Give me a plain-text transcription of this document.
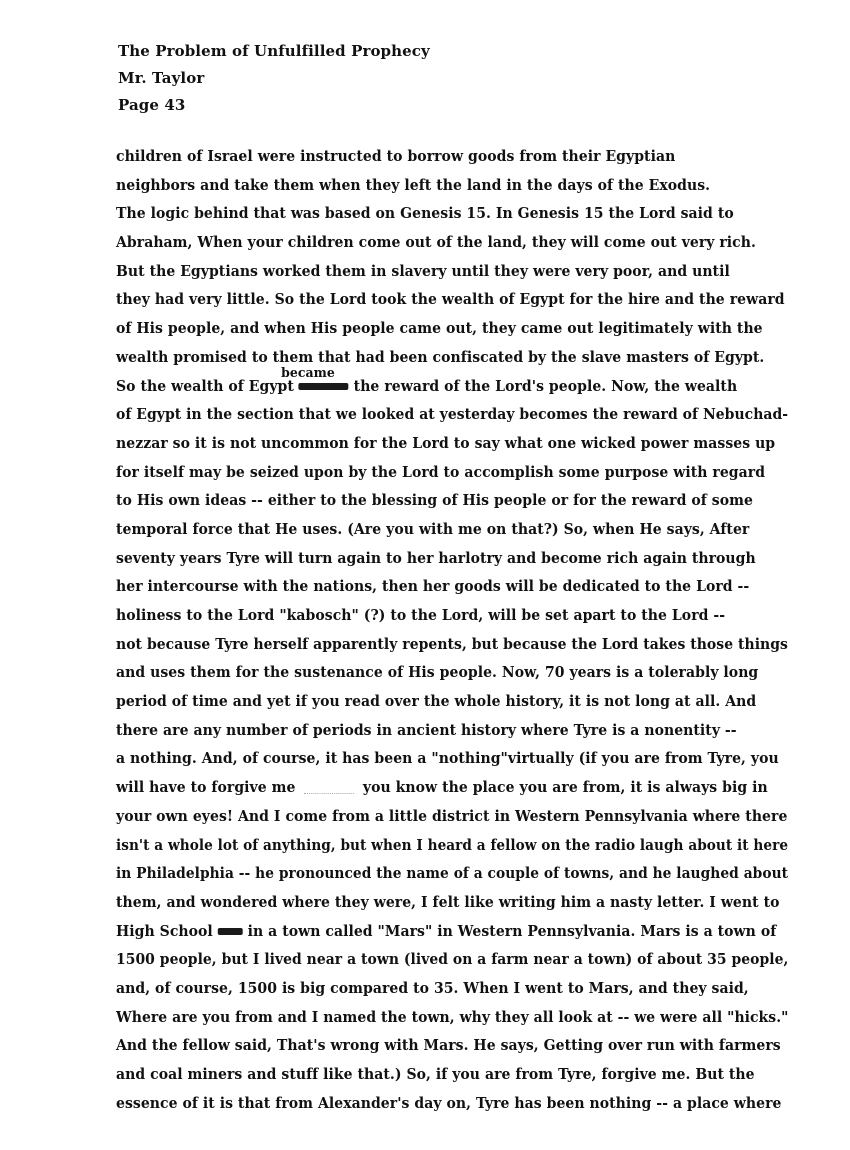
The Problem of Unfulfilled Prophecy
Mr. Taylor
Page 43
children of Israel were instructed to borrow goods from their Egyptian
neighbors and take them when they left the land in the days of the Exodus.
The logic behind that was based on Genesis 15. In Genesis 15 the Lord said to
Abraham, When your children come out of the land, they will come out very rich.
But the Egyptians worked them in slavery until they were very poor, and until
they had very little. So the Lord took the wealth of Egypt for the hire and the reward
of His people, and when His people came out, they came out legitimately with the
wealth promised to them that had been confiscated by the slave masters of Egypt.
So the wealth of Egypt
became
the reward of the Lord's people. Now, the wealth
of Egypt in the section that we looked at yesterday becomes the reward of Nebuchad-
nezzar so it is not uncommon for the Lord to say what one wicked power masses up
for itself may be seized upon by the Lord to accomplish some purpose with regard
to His own ideas -- either to the blessing of His people or for the reward of some
temporal force that He uses. (Are you with me on that?) So, when He says, After
seventy years Tyre will turn again to her harlotry and become rich again through
her intercourse with the nations, then her goods will be dedicated to the Lord --
holiness to the Lord "kabosch" (?) to the Lord, will be set apart to the Lord --
not because Tyre herself apparently repents, but because the Lord takes those things
and uses them for the sustenance of His people. Now, 70 years is a tolerably long
period of time and yet if you read over the whole history, it is not long at all. And
there are any number of periods in ancient history where Tyre is a nonentity --
a nothing. And, of course, it has been a "nothing"virtually (if you are from Tyre, you
will have to forgive me	you know the place you are from, it is always big in
your own eyes! And I come from a little district in Western Pennsylvania where there
isn't a whole lot of anything, but when I heard a fellow on the radio laugh about it here
in Philadelphia -- he pronounced the name of a couple of towns, and he laughed about
them, and wondered where they were, I felt like writing him a nasty letter. I went to
High School in a town called "Mars" in Western Pennsylvania. Mars is a town of
1500 people, but I lived near a town (lived on a farm near a town) of about 35 people,
and, of course, 1500 is big compared to 35. When I went to Mars, and they said,
Where are you from and I named the town, why they all look at -- we were all "hicks."
And the fellow said, That's wrong with Mars. He says, Getting over run with farmers
and coal miners and stuff like that.) So, if you are from Tyre, forgive me. But the
essence of it is that from Alexander's day on, Tyre has been nothing -- a place where
